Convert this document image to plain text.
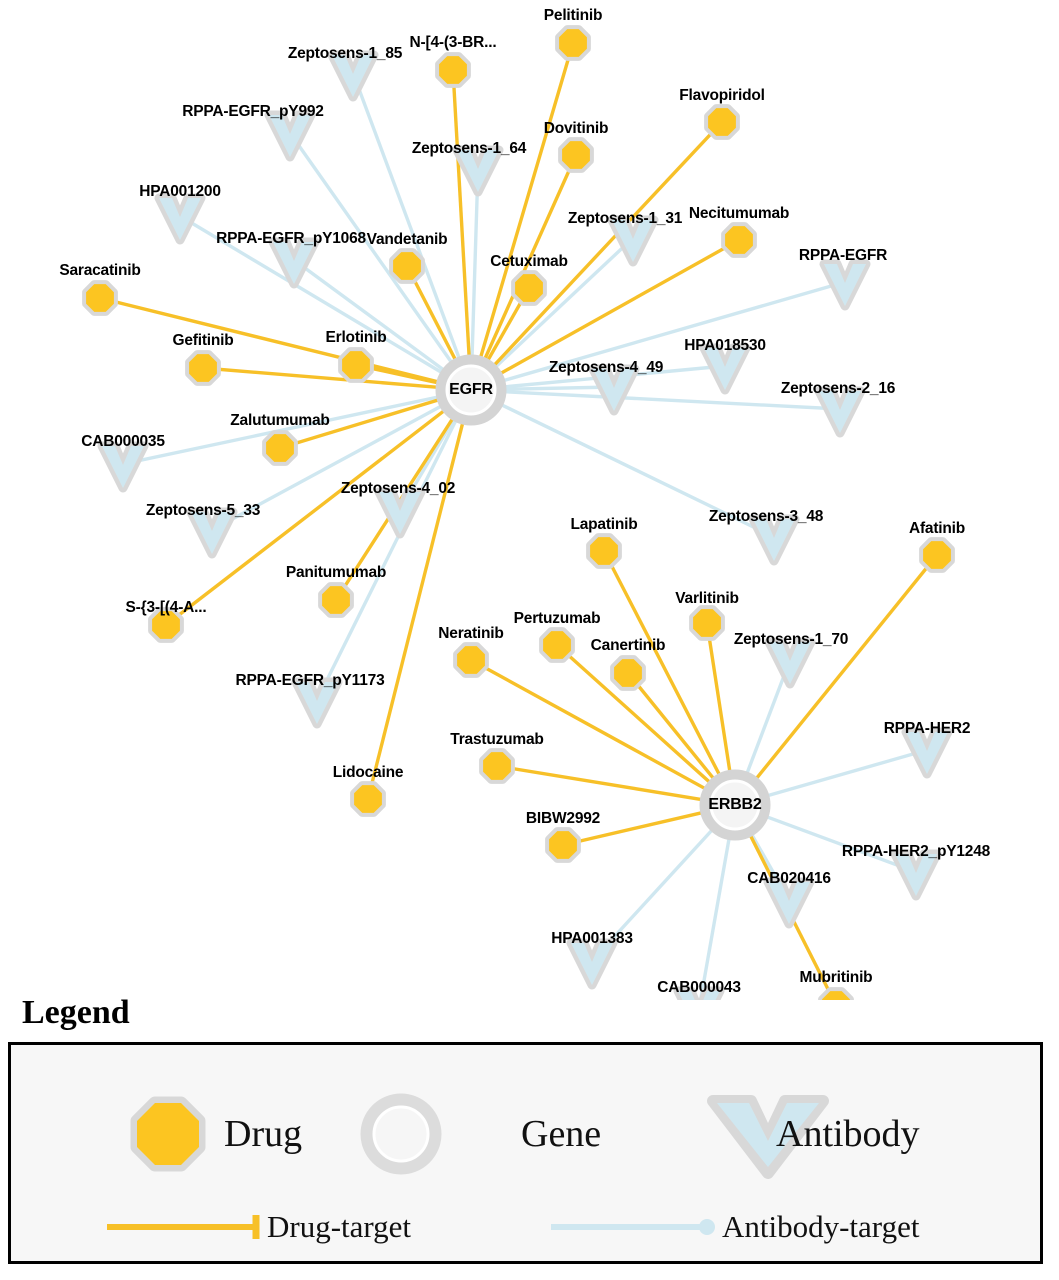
Zeptosens-1_85
RPPA-EGFR_pY992
Zeptosens-1_64
HPA001200
Zeptosens-1_31
RPPA-EGFR_pY1068
RPPA-EGFR
HPA018530
Zeptosens-4_49
Zeptosens-2_16
CAB000035
Zeptosens-5_33
Zeptosens-4_02
Zeptosens-3_48
Zeptosens-1_70
RPPA-EGFR_pY1173
RPPA-HER2
RPPA-HER2_pY1248
CAB020416
HPA001383
CAB000043
Pelitinib
N-[4-(3-BR...
Flavopiridol
Dovitinib
Necitumumab
Vandetanib
Cetuximab
Saracatinib
Gefitinib	Erlotinib
Zalutumumab
Lapatinib	Afatinib
Panitumumab
S-{3-[(4-A...
Varlitinib
Pertuzumab
Neratinib
Canertinib
Trastuzumab
Lidocaine
BIBW2992
Mubritinib
EGFR
ERBB2
Legend
Drug	Gene	Antibody
Drug-target	Antibody-target
